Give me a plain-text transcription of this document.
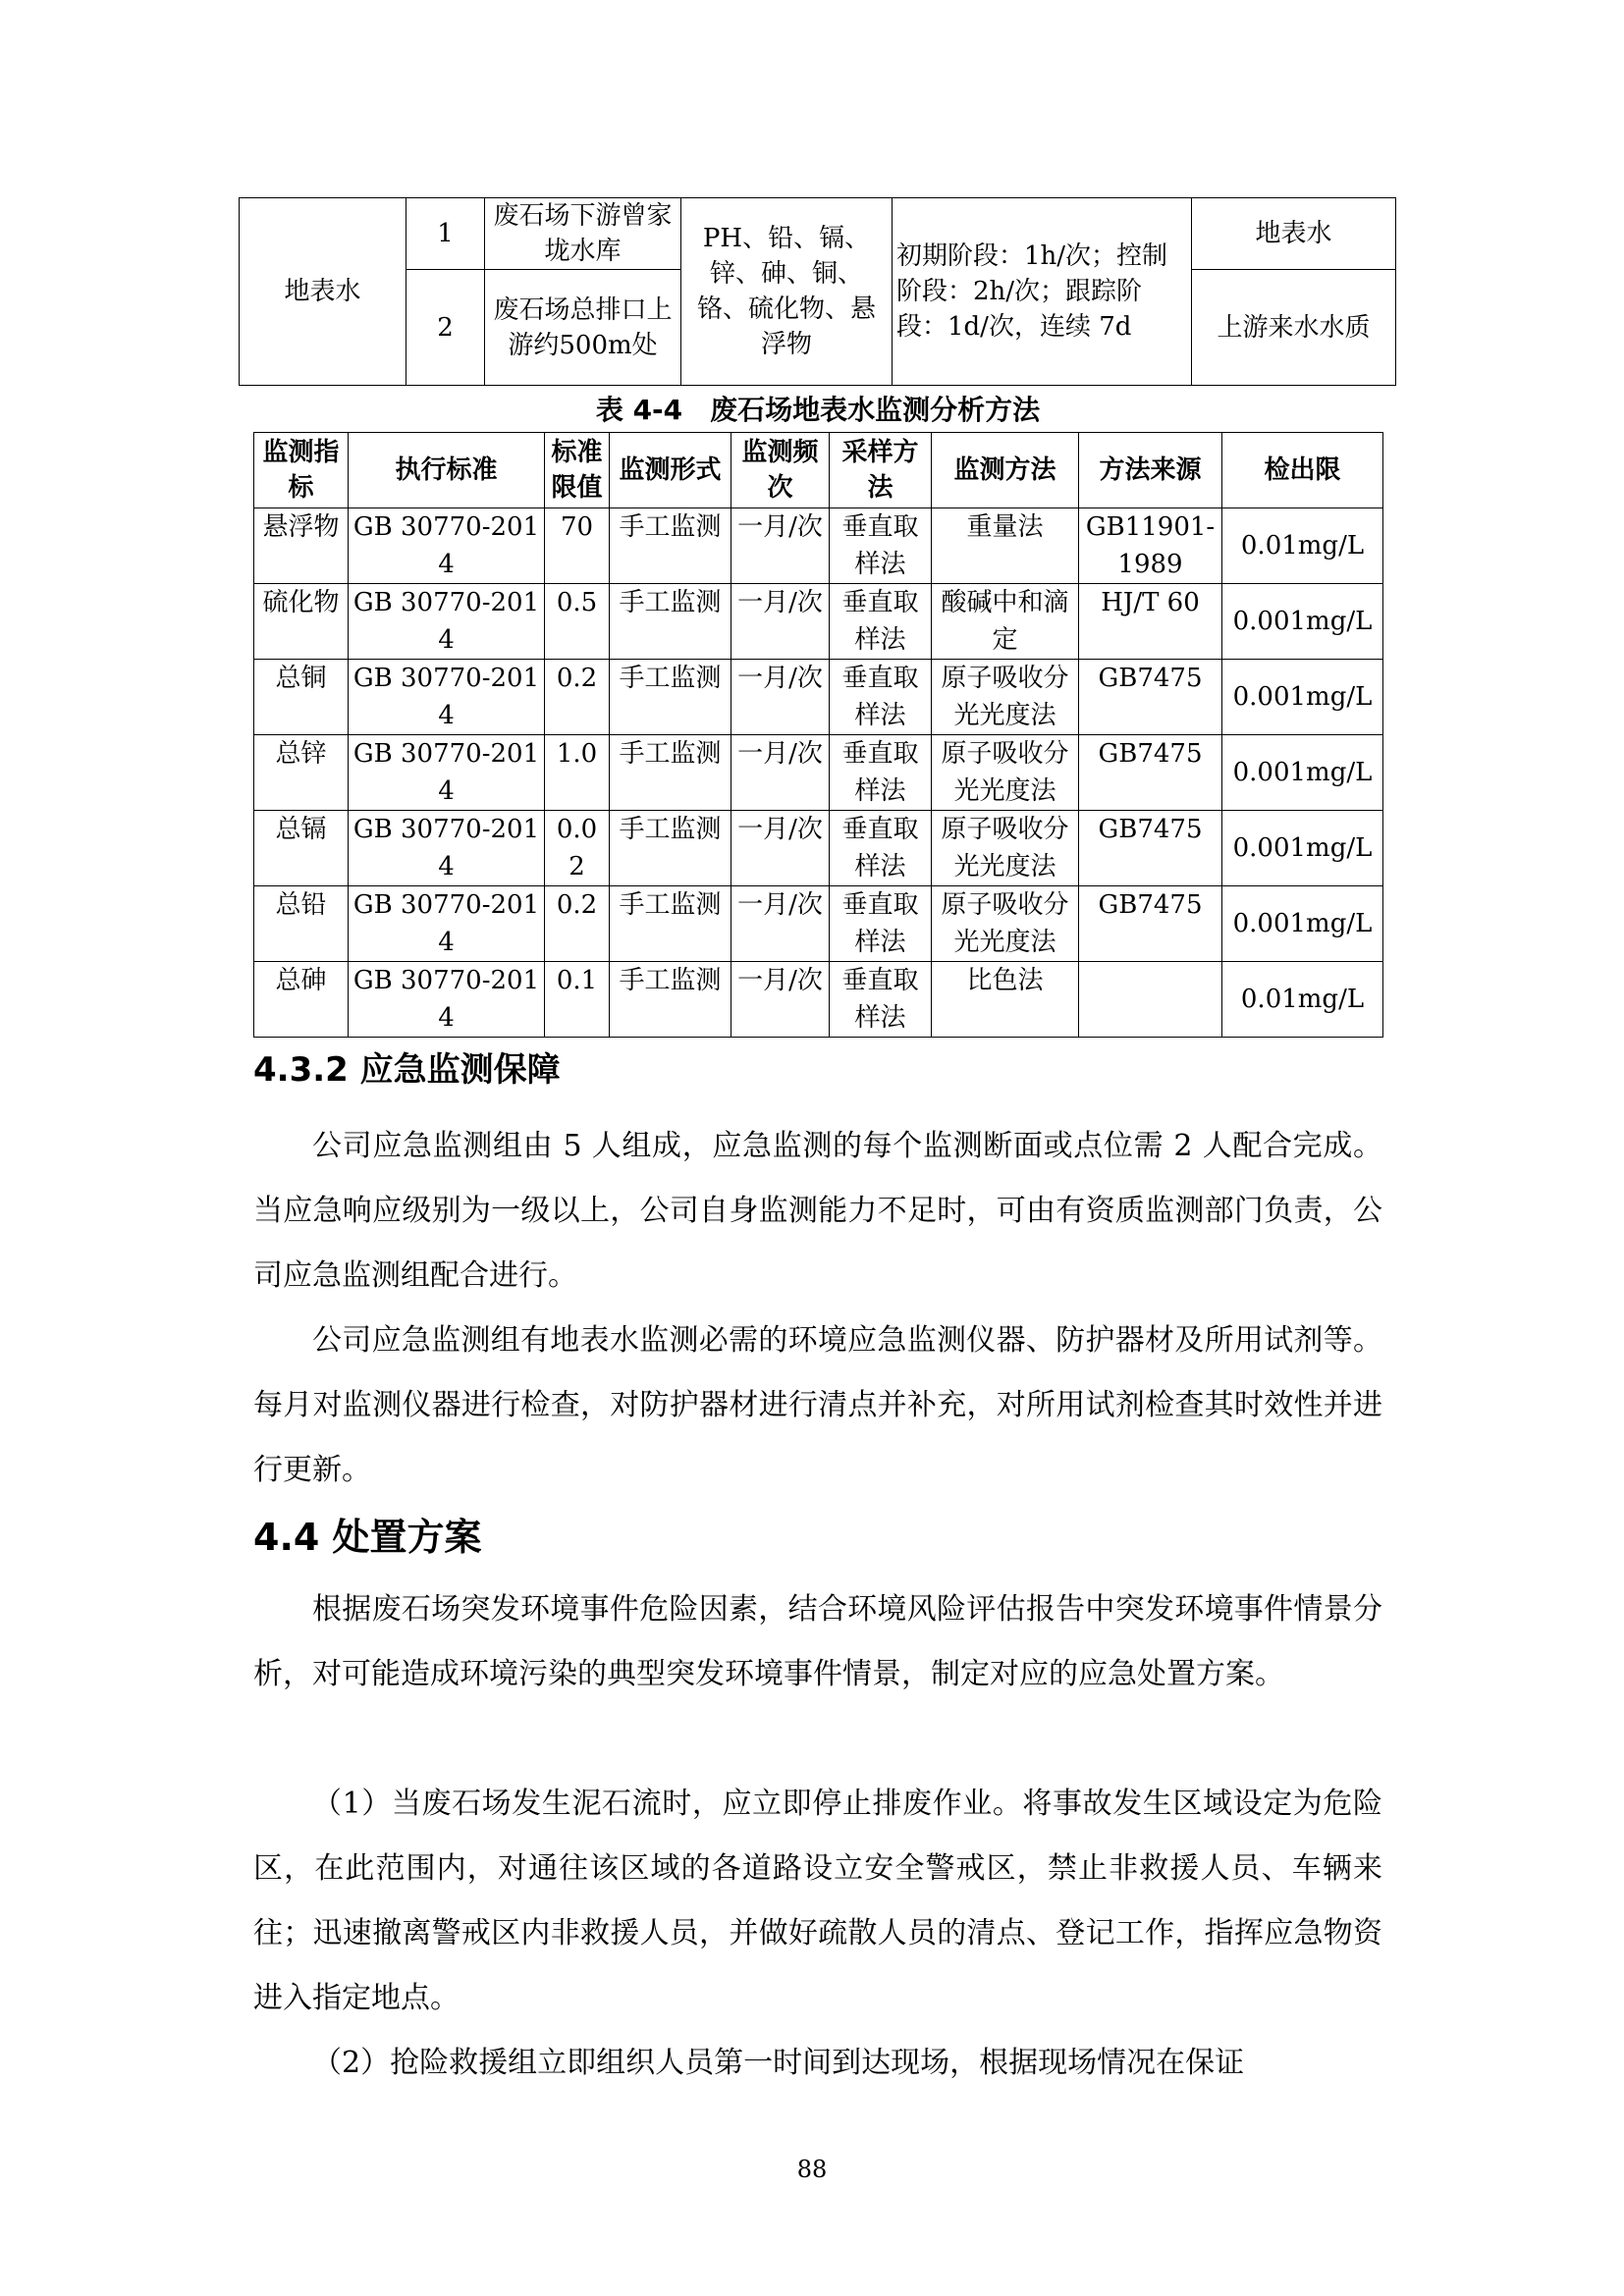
地表水	1	废石场下游曾家垅水库	PH、铅、镉、锌、砷、铜、铬、硫化物、悬浮物	初期阶段：1h/次；控制阶段：2h/次；跟踪阶段：1d/次，连续 7d	地表水
	2	废石场总排口上游约500m处			上游来水水质
表 4-4　废石场地表水监测分析方法
监测指标	执行标准	标准限值	监测形式	监测频次	采样方法	监测方法	方法来源	检出限
悬浮物	GB 30770-2014	70	手工监测	一月/次	垂直取样法	重量法	GB11901-1989	0.01mg/L
硫化物	GB 30770-2014	0.5	手工监测	一月/次	垂直取样法	酸碱中和滴定	HJ/T 60	0.001mg/L
总铜	GB 30770-2014	0.2	手工监测	一月/次	垂直取样法	原子吸收分光光度法	GB7475	0.001mg/L
总锌	GB 30770-2014	1.0	手工监测	一月/次	垂直取样法	原子吸收分光光度法	GB7475	0.001mg/L
总镉	GB 30770-2014	0.02	手工监测	一月/次	垂直取样法	原子吸收分光光度法	GB7475	0.001mg/L
总铅	GB 30770-2014	0.2	手工监测	一月/次	垂直取样法	原子吸收分光光度法	GB7475	0.001mg/L
总砷	GB 30770-2014	0.1	手工监测	一月/次	垂直取样法	比色法		0.01mg/L
4.3.2 应急监测保障

公司应急监测组由 5 人组成，应急监测的每个监测断面或点位需 2 人配合完成。当应急响应级别为一级以上，公司自身监测能力不足时，可由有资质监测部门负责，公司应急监测组配合进行。

公司应急监测组有地表水监测必需的环境应急监测仪器、防护器材及所用试剂等。每月对监测仪器进行检查，对防护器材进行清点并补充，对所用试剂检查其时效性并进行更新。

4.4 处置方案

根据废石场突发环境事件危险因素，结合环境风险评估报告中突发环境事件情景分析，对可能造成环境污染的典型突发环境事件情景，制定对应的应急处置方案。

（1）当废石场发生泥石流时，应立即停止排废作业。将事故发生区域设定为危险区，在此范围内，对通往该区域的各道路设立安全警戒区，禁止非救援人员、车辆来往；迅速撤离警戒区内非救援人员，并做好疏散人员的清点、登记工作，指挥应急物资进入指定地点。

（2）抢险救援组立即组织人员第一时间到达现场，根据现场情况在保证

88
